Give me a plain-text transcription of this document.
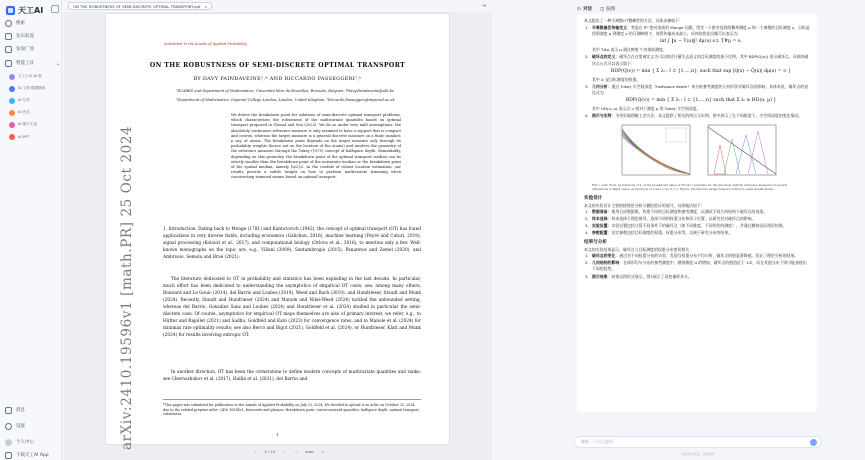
天工AI
搜索
发布前置
发现广场
智能工具	▴
天工小米 AI 帮
AI 文档·数据精读
AI 写作
AI 音乐
AI 图片生成
AI PPT
消息
设置
个人中心
下载天工AI App
ON THE ROBUSTNESS OF SEMI-DISCRETE OPTIMAL TRANSPORT.pdf ×	⇥
Submitted to the Annals of Applied Probability
ON THE ROBUSTNESS OF SEMI-DISCRETE OPTIMAL TRANSPORT
BY DAVY PAINDAVEINE¹,ª AND RICCARDO PASSEGGERI²,ᵇ
¹ECARES and Department of Mathematics, Université libre de Bruxelles, Brussels, Belgium, ªDavy.Paindaveine@ulb.be
²Department of Mathematics, Imperial College London, London, United Kingdom, ᵇRiccardo.Passeggeri@imperial.ac.uk
We derive the breakdown point for solutions of semi-discrete optimal transport problems, which characterizes the robustness of the multivariate quantiles based on optimal transport proposed in Ghosal and Sen (2022). We do so under very mild assumptions: the absolutely continuous reference measure is only assumed to have a support that is compact and convex, whereas the target measure is a general discrete measure on a finite number, n say, of atoms. The breakdown point depends on the target measure only through its probability weights (hence not on the location of the atoms) and involves the geometry of the reference measure through the Tukey (1975) concept of halfspace depth. Remarkably, depending on this geometry, the breakdown point of the optimal transport median can be strictly smaller than the breakdown point of the univariate median or the breakdown point of the spatial median, namely ⌈n/2⌉/2. In the context of robust location estimation, our results provide a subtle insight on how to perform multivariate trimming when constructing trimmed means based on optimal transport.
arXiv:2410.19596v1 [math.PR] 25 Oct 2024	1. Introduction. Dating back to Monge (1781) and Kantorovich (1942), the concept of optimal transport (OT) has found applications in very diverse fields, including economics (Galichon, 2016), machine learning (Peyré and Cuturi, 2019), signal processing (Kolouri et al., 2017), and computational biology (Orlova et al., 2016), to mention only a few. Well-known monographs on the topic are, e.g., Villani (2009), Santambrogio (2015), Panaretos and Zemel (2020), and Ambrosio, Semola and Brué (2021).
The literature dedicated to OT in probability and statistics has been exploding in the last decade. In particular, much effort has been dedicated to understanding the asymptotics of empirical OT costs; see, among many others, Boissard and Le Gouic (2014), del Barrio and Loubes (2019), Weed and Bach (2019), and Hundrieser, Staudt and Munk (2024). Recently, Staudt and Hundrieser (2024) and Manole and Niles-Weed (2024) tackled the unbounded setting, whereas del Barrio, González Sanz and Loubes (2024) and Hundrieser et al. (2024) studied in particular the semi-discrete case. Of course, asymptotics for empirical OT maps themselves are also of primary interest; we refer, e.g., to Hütter and Rigollet (2021) and Sadhu, Goldfeld and Kato (2023) for convergence rates, and to Manole et al. (2024) for minimax rate optimality results; see also Berco and Bigot (2021), Goldfeld et al. (2024), or Hundrieser, Klatt and Munk (2024) for results involving entropic OT.
In another direction, OT has been the cornerstone to define modern concepts of multivariate quantiles and ranks; see Chernozhukov et al. (2017), Hallin et al. (2021), del Barrio and
*This paper was submitted for publication to the Annals of Applied Probability on July 23, 2024. We decided to upload it on arXiv on October 25, 2024, due to the related preprint arXiv: 2410.16554v1. Keywords and phrases: Breakdown point, center-outward quantiles, halfspace depth, optimal transport, robustness.
1
‹	1 / 15	›	−	auto	+
◷ 对话 ◫ 脑图
本文提出了一种半离散OT整峰性的方法，具体步骤如下：
1. 半离散最优传输定义：考虑在 ℝᵈ 绝对连续的 Monge 问题，给定一个绝对连续的概率测度 μ 和一个离散的目标测度 ν，目标是找到测度 μ 到测度 ν 的可测映射 T，使得传输成本最小。具体的优化问题可以表示为：
inf ∫ ‖u − T(u)‖² dμ(u) s.t. T#μ = ν.
其中 T#μ 表示 μ 通过映射 T 的推前测度。
2. 破坏点的定义：破坏点在这里被定义为可以使估计量失去意义的目标测度的最小比例，其中 BDP(Q(ν)) 表示破坏点。具体的破坏点公式可以表示如下：
BDP(Q(ν)) = min { Σ λᵢ : I ⊂ {1,…,n}, such that sup |Q(x) − Q̃(x)| dμ(x) = ∞ }
其中 λᵢ 是目标测度的权重。
3. 几何分析：通过 Tukey 半空间深度（halfspace depth）来分析参考测度的几何形状对破坏点的影响。具体来说，破坏点的表达式为：
BDP(Q(ν)) = min { Σ λᵢ : I ⊂ {1,…,n} such that Σ λᵢ ≥ HD(u, μ) }
其中 HD(u, μ) 表示点 u 相对于测度 μ 的 Tukey 半空间深度。
4. 图示与实例：为更好地理解上述方法，本文提供了相关的图示与实例，图中展示了在不同维度下，半空间深度的变化情况。
FIG 1. Left: Plots, as functions of n, of the breakdown value of OT (4.1) quantiles for the spherical uniform reference measures in several dimensions d. Right: same, as functions of n and λ, for d = 3. Figure: the discrete target measure with n(1) equal weight atoms...
实验设计
本文的实验设计主要围绕理论分析与模拟验证的展开，具体做法如下：
1. 数据准备：使用合成数据集，构建不同的目标测度和参考测度，以测试不同几何结构下破坏点的表现。
2. 样本选择：样本选择于理论推导，选择不同的权重分布和原子位置，以研究其对破坏点的影响。
3. 实验设置：实验设置包括计算不同条件下的破坏点（如不同维度，不同形状的测度），并通过模拟验证理论结果。
4. 参数配置：设定参数包括目标测度的权重、权重分布等，以便于研究分布的结果。
结果与分析
本文的实验结果显示，破坏点与目标测度的权重分布密切相关：
1. 破坏点的变化：通过对不同权重分布的实验，发现当权重分布不均匀时，破坏点的值显著降低。验证了理论分析的结果。
2. 几何结构的影响：在球形均匀分布的参考测度中，随着维度 d 的增加，破坏点的值趋近于 1/2，而在其他分布下则可能表现出不同的趋势。
3. 图示结果：结果以图形式展示，图2展示了双变量样本分。
继续一下以上提问
内容由AI生成，仅供参考
